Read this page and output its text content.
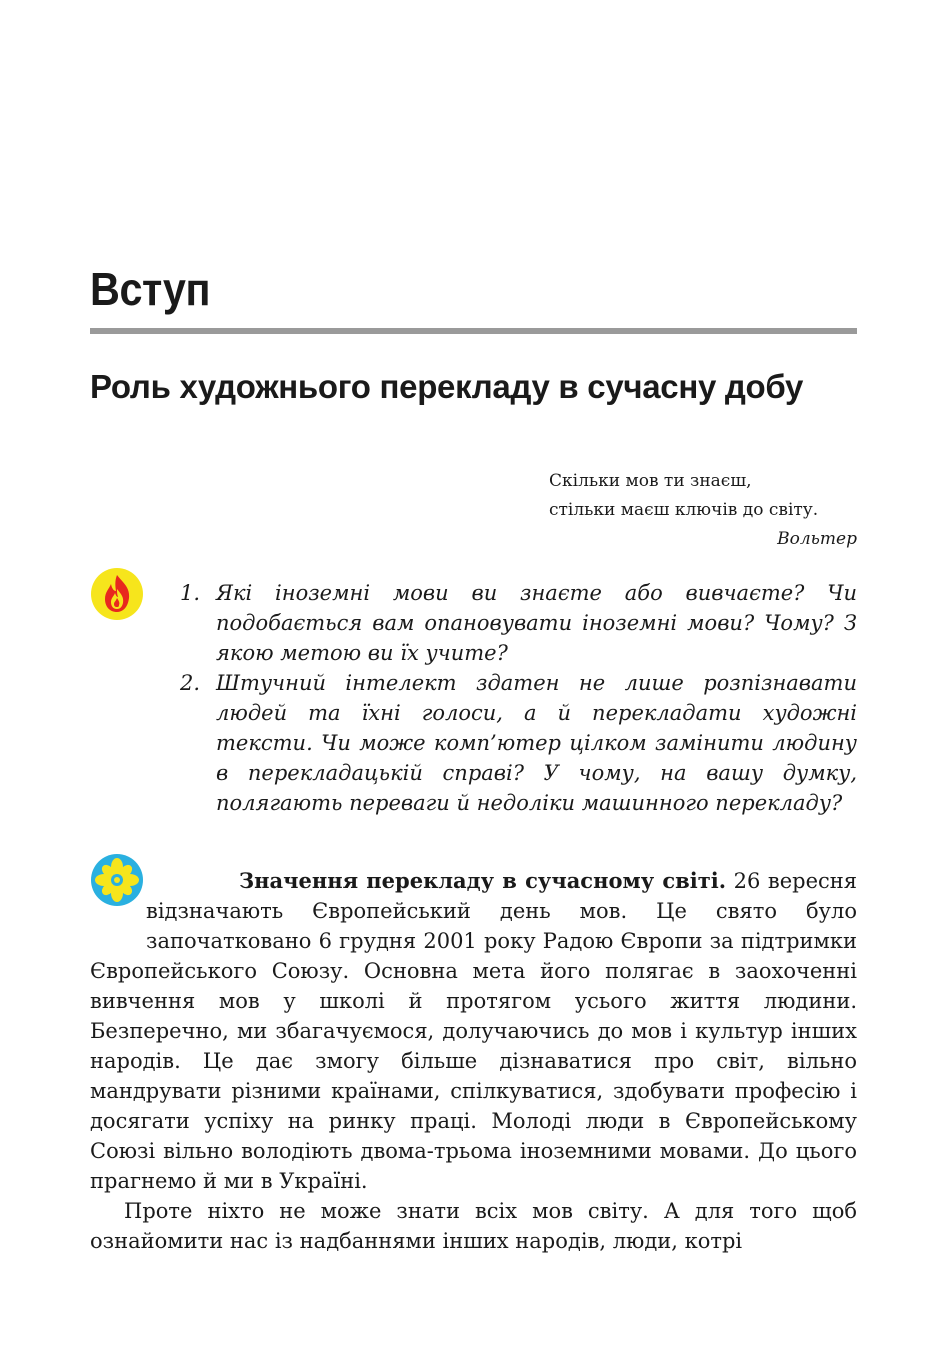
Вступ
Роль художнього перекладу в сучасну добу
Скільки мов ти знаєш,
стільки маєш ключів до світу.
Вольтер
1. Які іноземні мови ви знаєте або вивчаєте? Чи подобається вам опановувати іноземні мови? Чому? З якою метою ви їх учите?
2. Штучний інтелект здатен не лише розпізнавати людей та їхні голоси, а й перекладати художні тексти. Чи може комп’ютер цілком замінити людину в перекладацькій справі? У чому, на вашу думку, полягають переваги й недоліки машинного перекладу?

Значення перекладу в сучасному світі. 26 вересня відзначають Європейський день мов. Це свято було започатковано 6 грудня 2001 року Радою Європи за підтримки Європейського Союзу. Основна мета його полягає в заохоченні вивчення мов у школі й протягом усього життя людини. Безперечно, ми збагачуємося, долучаючись до мов і культур інших народів. Це дає змогу більше дізнаватися про світ, вільно мандрувати різними країнами, спілкуватися, здобувати професію і досягати успіху на ринку праці. Молоді люди в Європейському Союзі вільно володіють двома-трьома іноземними мовами. До цього прагнемо й ми в Україні.

Проте ніхто не може знати всіх мов світу. А для того щоб ознайомити нас із надбаннями інших народів, люди, котрі
